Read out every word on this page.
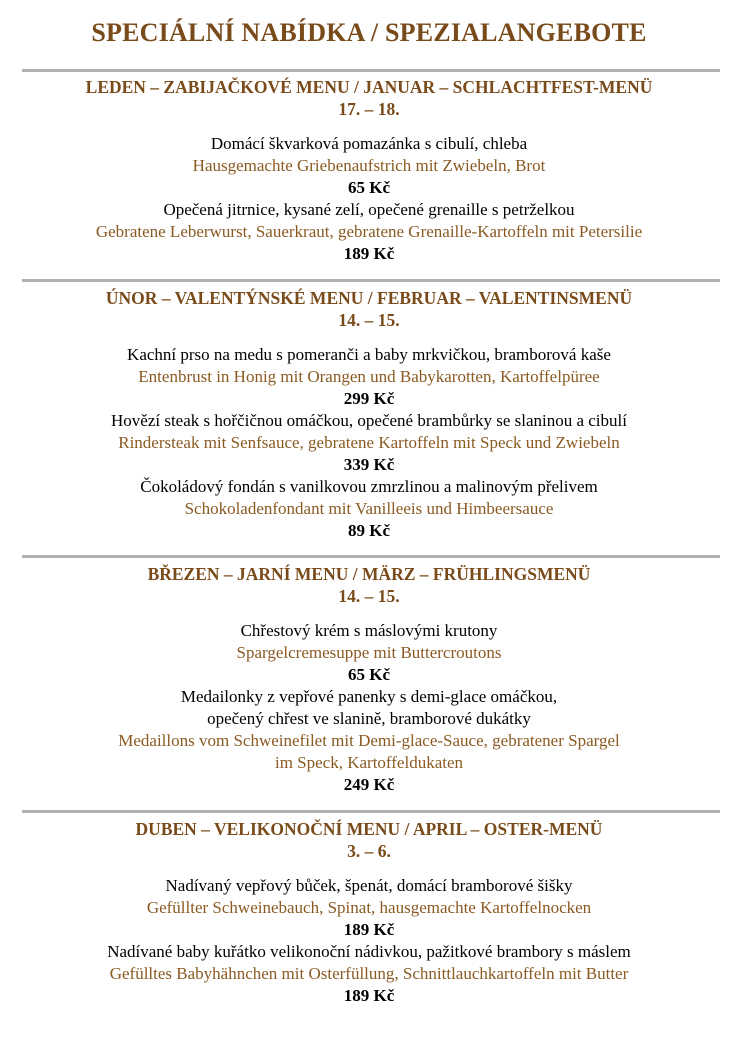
SPECIÁLNÍ NABÍDKA / SPEZIALANGEBOTE
LEDEN – ZABIJAČKOVÉ MENU / JANUAR – SCHLACHTFEST-MENÜ
17. – 18.
Domácí škvarková pomazánka s cibulí, chleba
Hausgemachte Griebenaufstrich mit Zwiebeln, Brot
65 Kč
Opečená jitrnice, kysané zelí, opečené grenaille s petrželkou
Gebratene Leberwurst, Sauerkraut, gebratene Grenaille-Kartoffeln mit Petersilie
189 Kč
ÚNOR – VALENTÝNSKÉ MENU / FEBRUAR – VALENTINSMENÜ
14. – 15.
Kachní prso na medu s pomeranči a baby mrkvičkou, bramborová kaše
Entenbrust in Honig mit Orangen und Babykarotten, Kartoffelpüree
299 Kč
Hovězí steak s hořčičnou omáčkou, opečené brambůrky se slaninou a cibulí
Rindersteak mit Senfsauce, gebratene Kartoffeln mit Speck und Zwiebeln
339 Kč
Čokoládový fondán s vanilkovou zmrzlinou a malinovým přelivem
Schokoladenfondant mit Vanilleeis und Himbeersauce
89 Kč
BŘEZEN – JARNÍ MENU / MÄRZ – FRÜHLINGSMENÜ
14. – 15.
Chřestový krém s máslovými krutony
Spargelcremesuppe mit Buttercroutons
65 Kč
Medailonky z vepřové panenky s demi-glace omáčkou,
opečený chřest ve slanině, bramborové dukátky
Medaillons vom Schweinefilet mit Demi-glace-Sauce, gebratener Spargel
im Speck, Kartoffeldukaten
249 Kč
DUBEN – VELIKONOČNÍ MENU / APRIL – OSTER-MENÜ
3. – 6.
Nadívaný vepřový bůček, špenát, domácí bramborové šišky
Gefüllter Schweinebauch, Spinat, hausgemachte Kartoffelnocken
189 Kč
Nadívané baby kuřátko velikonoční nádivkou, pažitkové brambory s máslem
Gefülltes Babyhähnchen mit Osterfüllung, Schnittlauchkartoffeln mit Butter
189 Kč
